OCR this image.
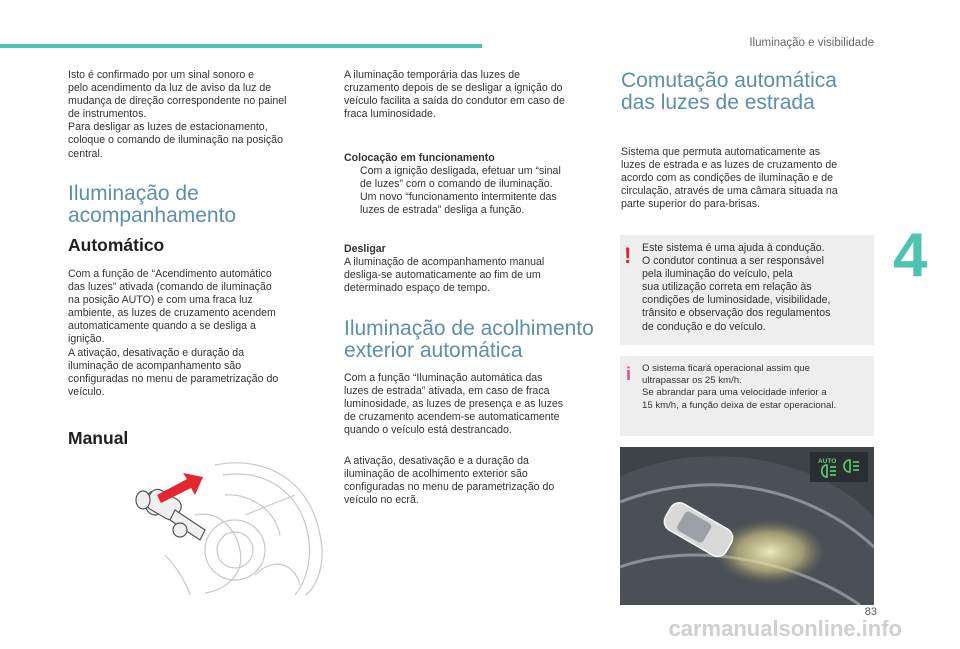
Iluminação e visibilidade
Isto é confirmado por um sinal sonoro e
pelo acendimento da luz de aviso da luz de
mudança de direção correspondente no painel
de instrumentos.
Para desligar as luzes de estacionamento,
coloque o comando de iluminação na posição
central.
Iluminação de
acompanhamento
Automático
Com a função de “Acendimento automático
das luzes” ativada (comando de iluminação
na posição AUTO) e com uma fraca luz
ambiente, as luzes de cruzamento acendem
automaticamente quando a se desliga a
ignição.
A ativação, desativação e duração da
iluminação de acompanhamento são
configuradas no menu de parametrização do
veículo.
Manual
A iluminação temporária das luzes de
cruzamento depois de se desligar a ignição do
veículo facilita a saída do condutor em caso de
fraca luminosidade.
Colocação em funcionamento
Com a ignição desligada, efetuar um “sinal
de luzes” com o comando de iluminação.
Um novo “funcionamento intermitente das
luzes de estrada” desliga a função.
Desligar
A iluminação de acompanhamento manual
desliga-se automaticamente ao fim de um
determinado espaço de tempo.
Iluminação de acolhimento
exterior automática
Com a função “Iluminação automática das
luzes de estrada” ativada, em caso de fraca
luminosidade, as luzes de presença e as luzes
de cruzamento acendem-se automaticamente
quando o veículo está destrancado.
A ativação, desativação e a duração da
iluminação de acolhimento exterior são
configuradas no menu de parametrização do
veículo no ecrã.
Comutação automática
das luzes de estrada
Sistema que permuta automaticamente as
luzes de estrada e as luzes de cruzamento de
acordo com as condições de iluminação e de
circulação, através de uma câmara situada na
parte superior do para-brisas.
! Este sistema é uma ajuda à condução.
O condutor continua a ser responsável
pela iluminação do veículo, pela
sua utilização correta em relação às
condições de luminosidade, visibilidade,
trânsito e observação dos regulamentos
de condução e do veículo.
i O sistema ficará operacional assim que
ultrapassar os 25 km/h.
Se abrandar para uma velocidade inferior a
15 km/h, a função deixa de estar operacional.
AUTO
4
83
carmanualsonline.info
